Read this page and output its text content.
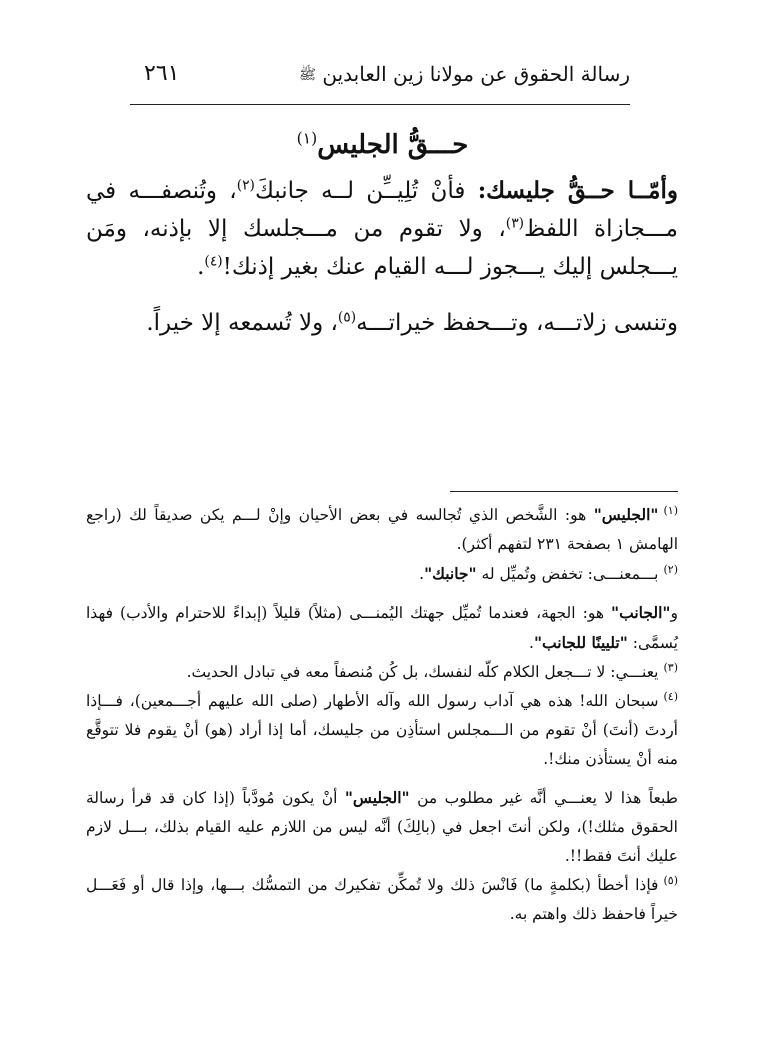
رسالة الحقوق عن مولانا زين العابدين ﷺ
٢٦١
حـــقُّ الجليس$^{(١)}$
وأمّــا حــقُّ جليسك: فأنْ تُلِيــِّن لــه جانبكَ$^{(٢)}$، وتُنصفـــه في مـــجازاة اللفظ$^{(٣)}$، ولا تقوم من مـــجلسك إلا بإذنه، ومَن يـــجلس إليك يـــجوز لـــه القيام عنك بغير إذنك!$^{(٤)}$.
وتنسى زلاتـــه، وتـــحفظ خيراتـــه$^{(٥)}$، ولا تُسمعه إلا خيراً.

$^{(١)}$"الجليس" هو: الشَّخص الذي تُجالسه في بعض الأحيان وإنْ لـــم يكن صديقاً لك (راجع الهامش ١ بصفحة ٢٣١ لتفهم أكثر).

$^{(٢)}$بـــمعنـــى: تخفض وتُميِّل له "جانبك".

و"الجانب" هو: الجهة، فعندما تُميِّل جهتك اليُمنـــى (مثلاً) قليلاً (إبداءً للاحترام والأدب) فهذا يُسمَّى: "تليينًا للجانب".

$^{(٣)}$يعنـــي: لا تـــجعل الكلام كلّه لنفسك، بل كُن مُنصفاً معه في تبادل الحديث.

$^{(٤)}$سبحان الله! هذه هي آداب رسول الله وآله الأطهار (صلى الله عليهم أجـــمعين)، فـــإذا أردتَ (أنتَ) أنْ تقوم من الـــمجلس استأذِن من جليسك، أما إذا أراد (هو) أنْ يقوم فلا تتوقَّع منه أنْ يستأذن منك!.

طبعاً هذا لا يعنـــي أنَّه غير مطلوب من "الجليس" أنْ يكون مُودَّباً (إذا كان قد قرأ رسالة الحقوق مثلك!)، ولكن أنتَ اجعل في (بالِكَ) أنَّه ليس من اللازم عليه القيام بذلك، بـــل لازم عليك أنتَ فقط!!.

$^{(٥)}$فإذا أخطأ (بكلمةٍ ما) فَانْسَ ذلك ولا تُمكِّن تفكيرك من التمسُّك بـــها، وإذا قال أو فَعَـــل خيراً فاحفظ ذلك واهتم به.
